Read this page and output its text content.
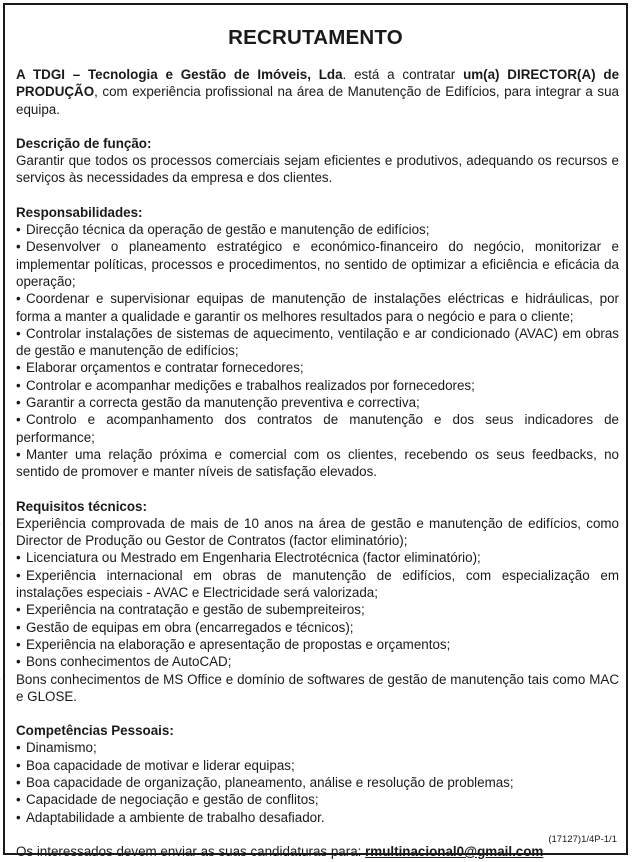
RECRUTAMENTO

A TDGI – Tecnologia e Gestão de Imóveis, Lda. está a contratar um(a) DIRECTOR(A) de PRODUÇÃO, com experiência profissional na área de Manutenção de Edifícios, para integrar a sua equipa.

Descrição de função:

Garantir que todos os processos comerciais sejam eficientes e produtivos, adequando os recursos e serviços às necessidades da empresa e dos clientes.

Responsabilidades:

• Direcção técnica da operação de gestão e manutenção de edifícios;
• Desenvolver o planeamento estratégico e económico-financeiro do negócio, monitorizar e implementar políticas, processos e procedimentos, no sentido de optimizar a eficiência e eficácia da operação;
• Coordenar e supervisionar equipas de manutenção de instalações eléctricas e hidráulicas, por forma a manter a qualidade e garantir os melhores resultados para o negócio e para o cliente;
• Controlar instalações de sistemas de aquecimento, ventilação e ar condicionado (AVAC) em obras de gestão e manutenção de edifícios;
• Elaborar orçamentos e contratar fornecedores;
• Controlar e acompanhar medições e trabalhos realizados por fornecedores;
• Garantir a correcta gestão da manutenção preventiva e correctiva;
• Controlo e acompanhamento dos contratos de manutenção e dos seus indicadores de performance;
• Manter uma relação próxima e comercial com os clientes, recebendo os seus feedbacks, no sentido de promover e manter níveis de satisfação elevados.

Requisitos técnicos:

• Experiência comprovada de mais de 10 anos na área de gestão e manutenção de edifícios, como Director de Produção ou Gestor de Contratos (factor eliminatório);
• Licenciatura ou Mestrado em Engenharia Electrotécnica (factor eliminatório);
• Experiência internacional em obras de manutenção de edifícios, com especialização em instalações especiais - AVAC e Electricidade será valorizada;
• Experiência na contratação e gestão de subempreiteiros;
• Gestão de equipas em obra (encarregados e técnicos);
• Experiência na elaboração e apresentação de propostas e orçamentos;
• Bons conhecimentos de AutoCAD;
• Bons conhecimentos de MS Office e domínio de softwares de gestão de manutenção tais como MAC e GLOSE.

Competências Pessoais:

• Dinamismo;
• Boa capacidade de motivar e liderar equipas;
• Boa capacidade de organização, planeamento, análise e resolução de problemas;
• Capacidade de negociação e gestão de conflitos;
• Adaptabilidade a ambiente de trabalho desafiador.

Os interessados devem enviar as suas candidaturas para: rmultinacional0@gmail.com

(17127)1/4P-1/1
